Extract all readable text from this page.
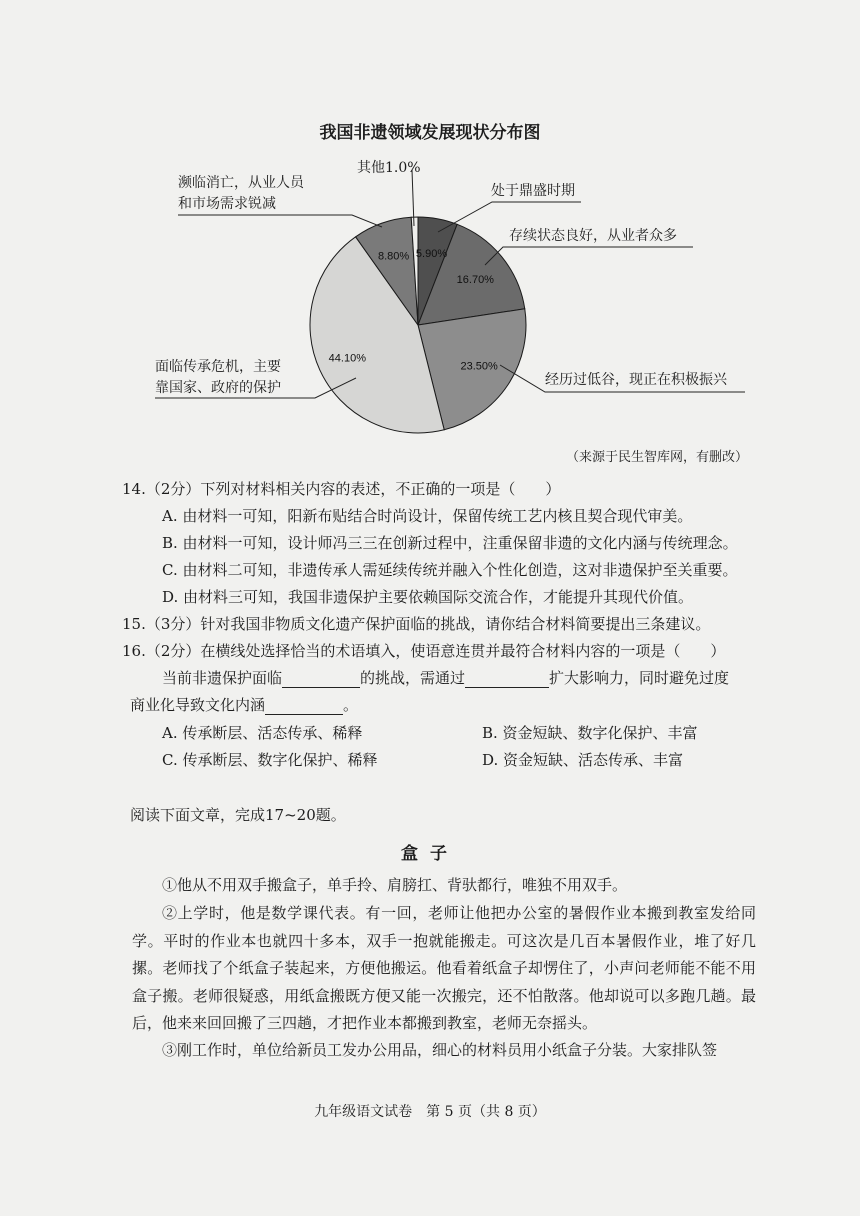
我国非遗领域发展现状分布图
5.90%
16.70%
23.50%
44.10%
8.80%
其他1.0%
处于鼎盛时期
存续状态良好，从业者众多
经历过低谷，现正在积极振兴
面临传承危机，主要
靠国家、政府的保护
濒临消亡，从业人员
和市场需求锐减
（来源于民生智库网，有删改）
14.（2分）下列对材料相关内容的表述，不正确的一项是（　　）
A. 由材料一可知，阳新布贴结合时尚设计，保留传统工艺内核且契合现代审美。
B. 由材料一可知，设计师冯三三在创新过程中，注重保留非遗的文化内涵与传统理念。
C. 由材料二可知，非遗传承人需延续传统并融入个性化创造，这对非遗保护至关重要。
D. 由材料三可知，我国非遗保护主要依赖国际交流合作，才能提升其现代价值。
15.（3分）针对我国非物质文化遗产保护面临的挑战，请你结合材料简要提出三条建议。
16.（2分）在横线处选择恰当的术语填入，使语意连贯并最符合材料内容的一项是（　　）
当前非遗保护面临	的挑战，需通过	扩大影响力，同时避免过度
商业化导致文化内涵	。
A. 传承断层、活态传承、稀释	B. 资金短缺、数字化保护、丰富
C. 传承断层、数字化保护、稀释	D. 资金短缺、活态传承、丰富
阅读下面文章，完成17~20题。
盒子
①他从不用双手搬盒子，单手拎、肩膀扛、背驮都行，唯独不用双手。
②上学时，他是数学课代表。有一回，老师让他把办公室的暑假作业本搬到教室发给同学。平时的作业本也就四十多本，双手一抱就能搬走。可这次是几百本暑假作业，堆了好几摞。老师找了个纸盒子装起来，方便他搬运。他看着纸盒子却愣住了，小声问老师能不能不用盒子搬。老师很疑惑，用纸盒搬既方便又能一次搬完，还不怕散落。他却说可以多跑几趟。最后，他来来回回搬了三四趟，才把作业本都搬到教室，老师无奈摇头。
③刚工作时，单位给新员工发办公用品，细心的材料员用小纸盒子分装。大家排队签
九年级语文试卷　第 5 页（共 8 页）
